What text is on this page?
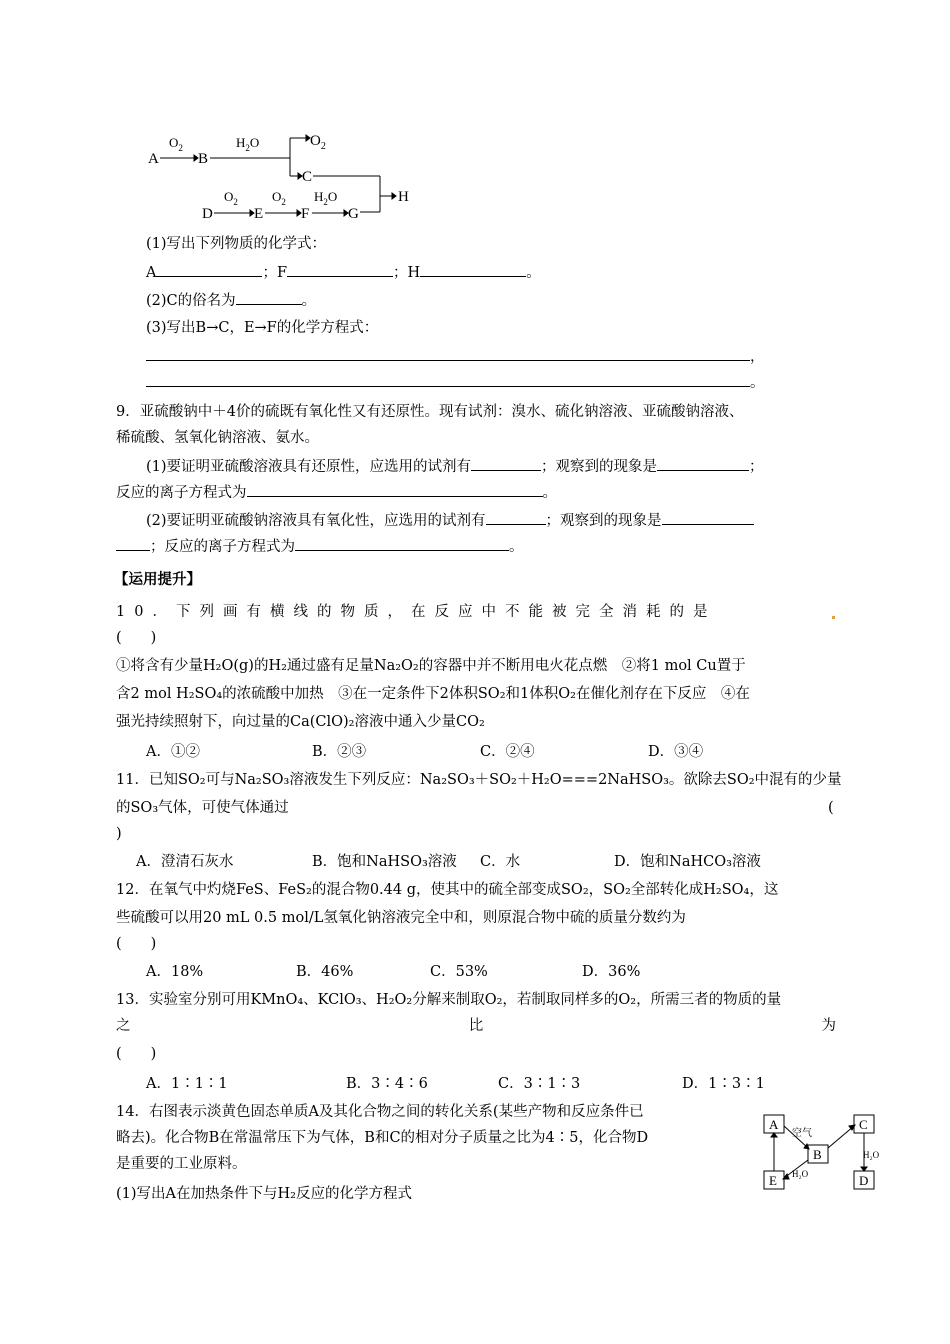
A	B
C
H
D	E	F	G
$O_2$	$H_2O$	$O_2$
$O_2$	$O_2$ $H_2O$
(1)写出下列物质的化学式：
A	；F	；H	。
(2)C的俗名为	。
(3)写出B→C，E→F的化学方程式：
，
。
9．亚硫酸钠中＋4价的硫既有氧化性又有还原性。现有试剂：溴水、硫化钠溶液、亚硫酸钠溶液、
稀硫酸、氢氧化钠溶液、氨水。
(1)要证明亚硫酸溶液具有还原性，应选用的试剂有	；观察到的现象是	；
反应的离子方程式为	。
(2)要证明亚硫酸钠溶液具有氧化性，应选用的试剂有	；观察到的现象是
；反应的离子方程式为	。
【运用提升】
10．下列画有横线的物质，在反应中不能被完全消耗的是
(　　)
①将含有少量H₂O(g)的H₂通过盛有足量Na₂O₂的容器中并不断用电火花点燃　②将1 mol Cu置于
含2 mol H₂SO₄的浓硫酸中加热　③在一定条件下2体积SO₂和1体积O₂在催化剂存在下反应　④在
强光持续照射下，向过量的Ca(ClO)₂溶液中通入少量CO₂
A．①②	B．②③	C．②④	D．③④
11．已知SO₂可与Na₂SO₃溶液发生下列反应：Na₂SO₃＋SO₂＋H₂O===2NaHSO₃。欲除去SO₂中混有的少量
的SO₃气体，可使气体通过	(
)
A．澄清石灰水	B．饱和NaHSO₃溶液 C．水	D．饱和NaHCO₃溶液
12．在氧气中灼烧FeS、FeS₂的混合物0.44 g，使其中的硫全部变成SO₂，SO₂全部转化成H₂SO₄，这
些硫酸可以用20 mL 0.5 mol/L氢氧化钠溶液完全中和，则原混合物中硫的质量分数约为
(　　)
A．18%	B．46%	C．53%	D．36%
13．实验室分别可用KMnO₄、KClO₃、H₂O₂分解来制取O₂，若制取同样多的O₂，所需三者的物质的量
之	比	为
(　　)
A．1∶1∶1	B．3∶4∶6	C．3∶1∶3	D．1∶3∶1
14．右图表示淡黄色固态单质A及其化合物之间的转化关系(某些产物和反应条件已
略去)。化合物B在常温常压下为气体，B和C的相对分子质量之比为4∶5，化合物D
是重要的工业原料。
(1)写出A在加热条件下与H₂反应的化学方程式
A	C
B
E	D
空气
H₂O
H₂O
